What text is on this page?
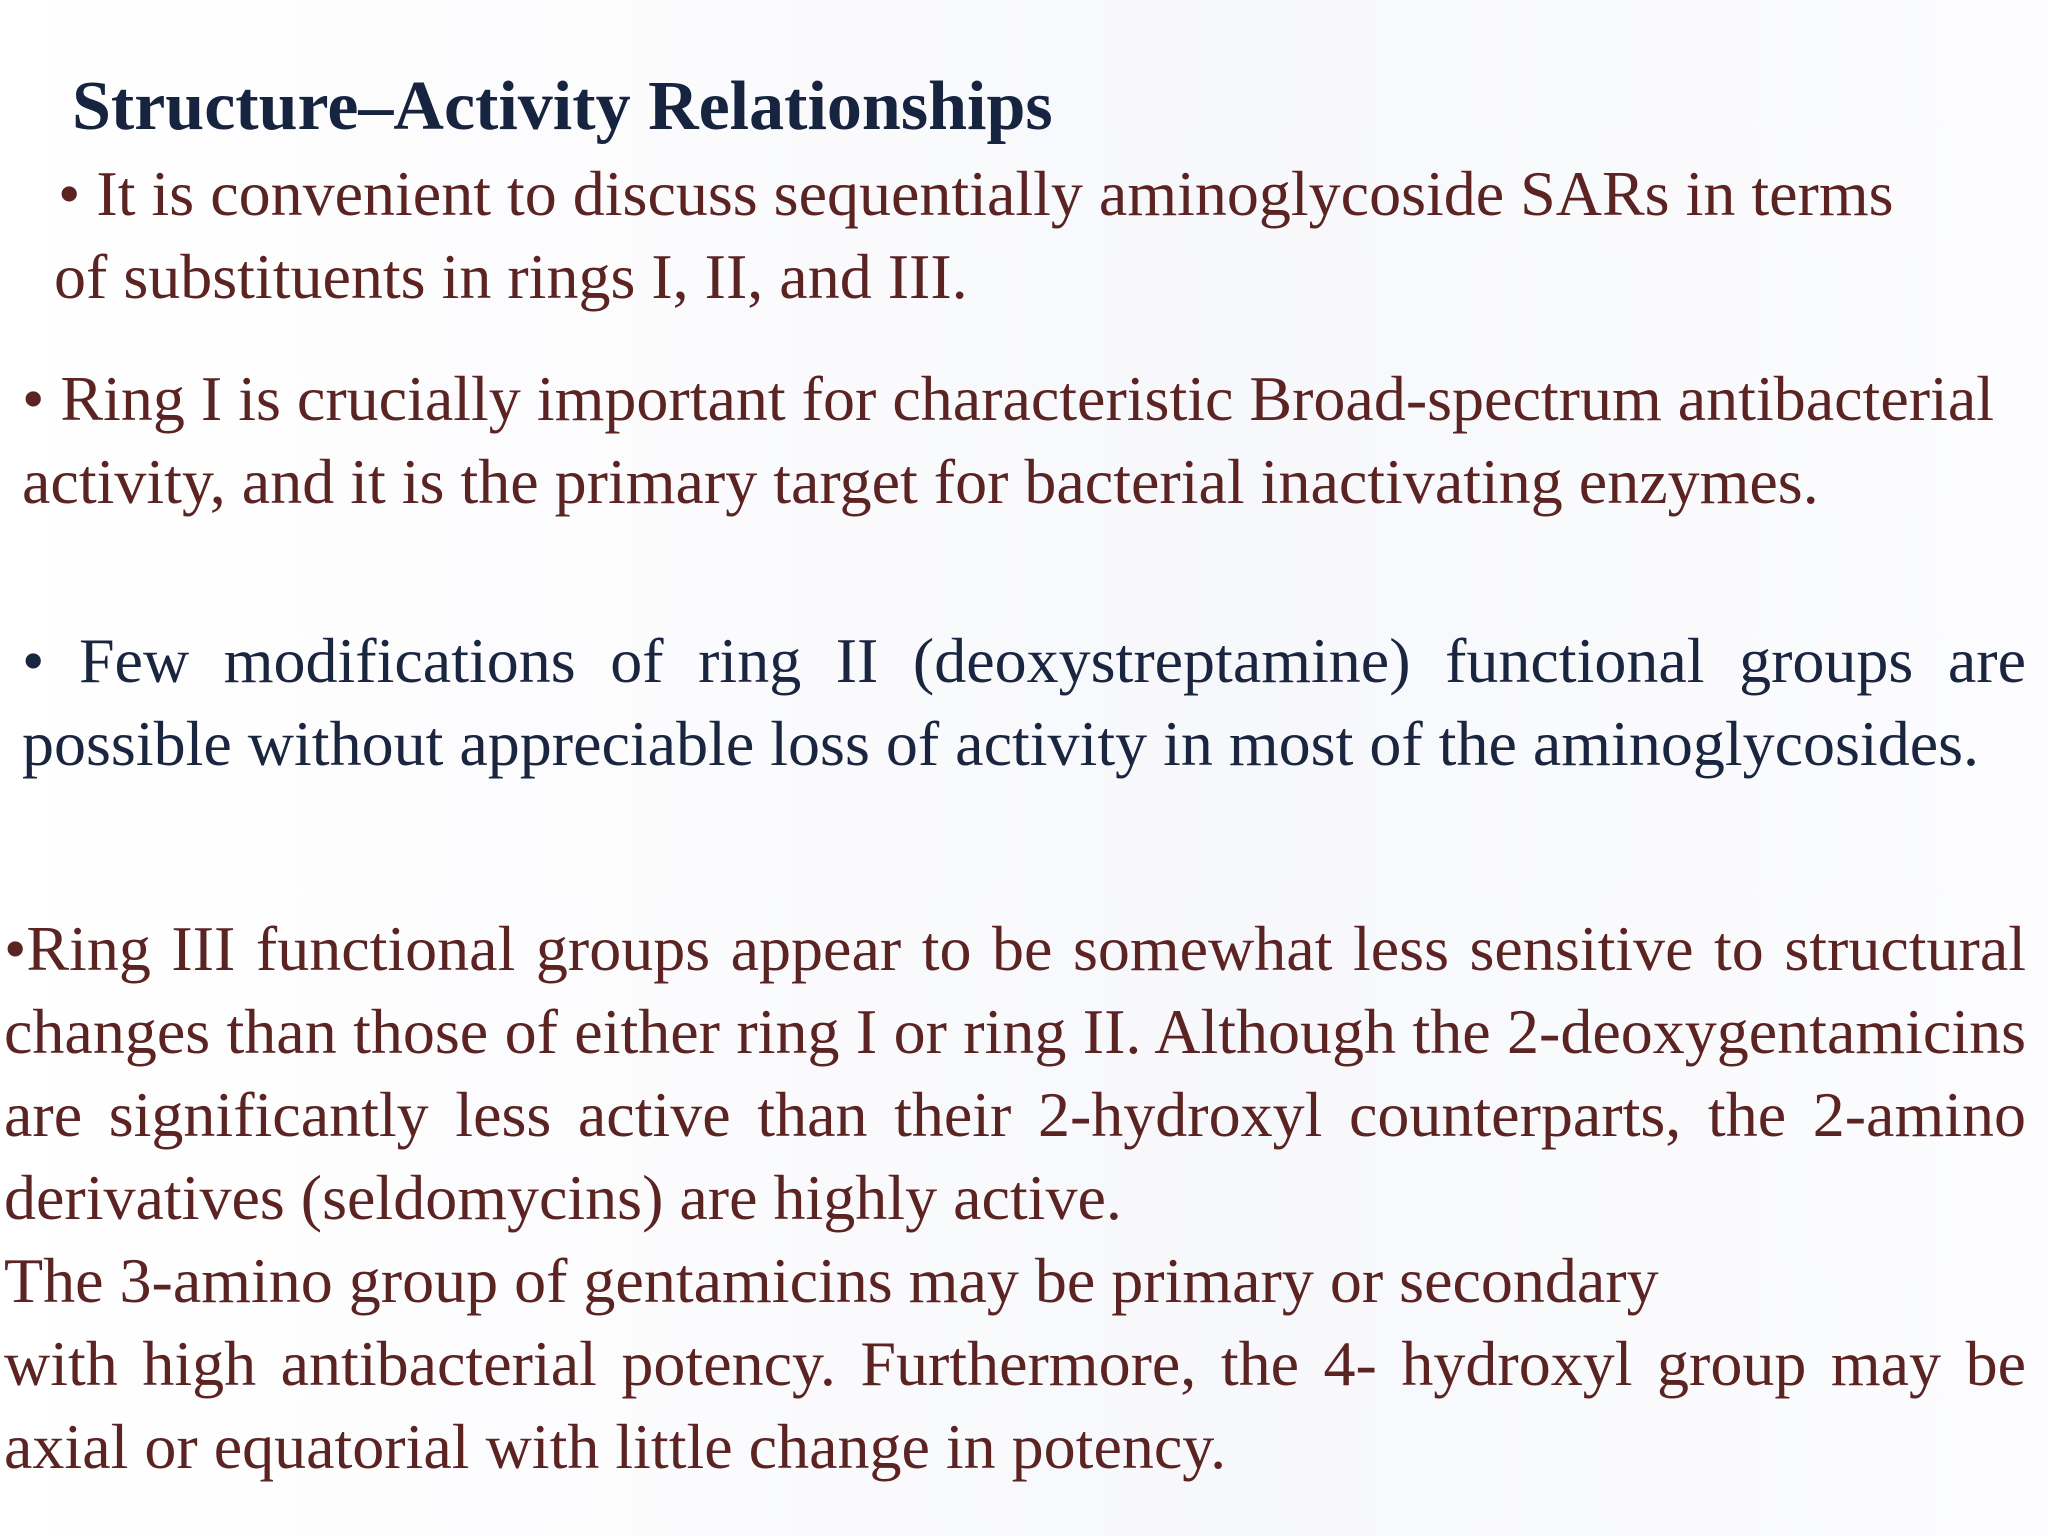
Structure–Activity Relationships

• It is convenient to discuss sequentially aminoglycoside SARs in terms
of substituents in rings I, II, and III.

• Ring I is crucially important for characteristic Broad-spectrum antibacterial activity, and it is the primary target for bacterial inactivating enzymes.

• Few modifications of ring II (deoxystreptamine) functional groups are possible without appreciable loss of activity in most of the aminoglycosides.

•Ring III functional groups appear to be somewhat less sensitive to structural changes than those of either ring I or ring II. Although the 2-deoxygentamicins are significantly less active than their 2-hydroxyl counterparts, the 2-amino derivatives (seldomycins) are highly active.
The 3-amino group of gentamicins may be primary or secondary
with high antibacterial potency. Furthermore, the 4- hydroxyl group may be axial or equatorial with little change in potency.
